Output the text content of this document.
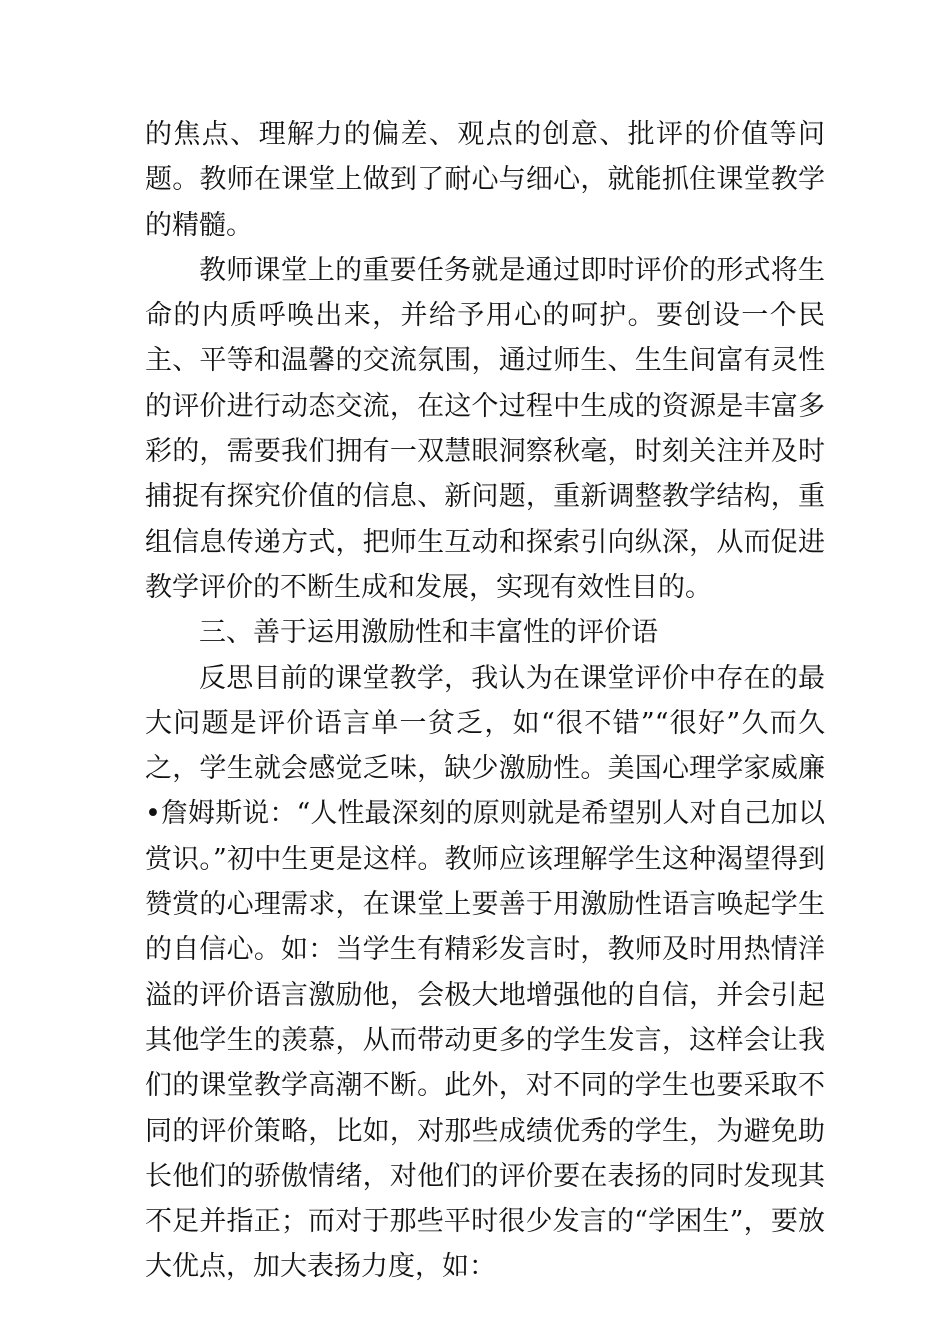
的焦点、理解力的偏差、观点的创意、批评的价值等问题。教师在课堂上做到了耐心与细心，就能抓住课堂教学的精髓。

教师课堂上的重要任务就是通过即时评价的形式将生命的内质呼唤出来，并给予用心的呵护。要创设一个民主、平等和温馨的交流氛围，通过师生、生生间富有灵性的评价进行动态交流，在这个过程中生成的资源是丰富多彩的，需要我们拥有一双慧眼洞察秋毫，时刻关注并及时捕捉有探究价值的信息、新问题，重新调整教学结构，重组信息传递方式，把师生互动和探索引向纵深，从而促进教学评价的不断生成和发展，实现有效性目的。

三、善于运用激励性和丰富性的评价语

反思目前的课堂教学，我认为在课堂评价中存在的最大问题是评价语言单一贫乏，如“很不错”“很好”久而久之，学生就会感觉乏味，缺少激励性。美国心理学家威廉•詹姆斯说：“人性最深刻的原则就是希望别人对自己加以赏识。”初中生更是这样。教师应该理解学生这种渴望得到赞赏的心理需求，在课堂上要善于用激励性语言唤起学生的自信心。如：当学生有精彩发言时，教师及时用热情洋溢的评价语言激励他，会极大地增强他的自信，并会引起其他学生的羡慕，从而带动更多的学生发言，这样会让我们的课堂教学高潮不断。此外，对不同的学生也要采取不同的评价策略，比如，对那些成绩优秀的学生，为避免助长他们的骄傲情绪，对他们的评价要在表扬的同时发现其不足并指正；而对于那些平时很少发言的“学困生”，要放大优点，加大表扬力度，如：
